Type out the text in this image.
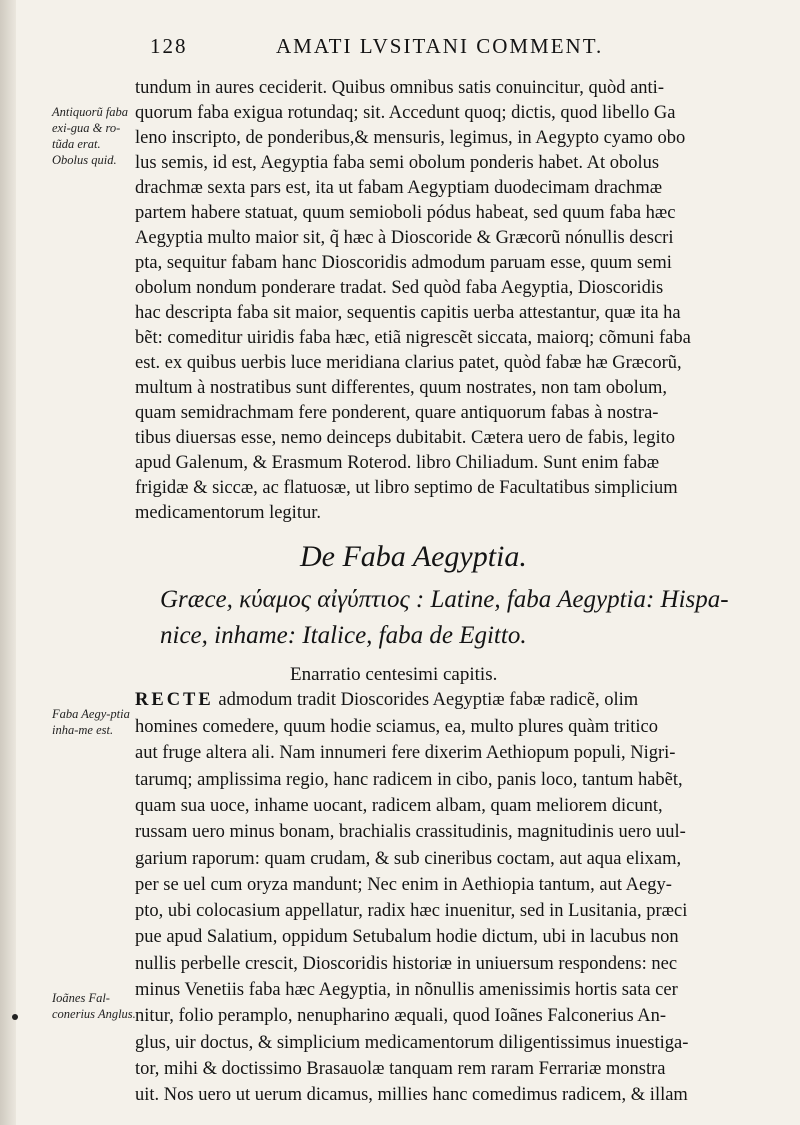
128	AMATI LVSITANI COMMENT.
Antiquorũ faba exi-gua & ro-tũda erat. Obolus quid.
Faba Aegy-ptia inha-me est.
Ioãnes Fal-conerius Anglus.
tundum in aures ceciderit. Quibus omnibus satis conuincitur, quòd anti-
quorum faba exigua rotundaq; sit. Accedunt quoq; dictis, quod libello Ga
leno inscripto, de ponderibus,& mensuris, legimus, in Aegypto cyamo obo
lus semis, id est, Aegyptia faba semi obolum ponderis habet. At obolus
drachmæ sexta pars est, ita ut fabam Aegyptiam duodecimam drachmæ
partem habere statuat, quum semioboli pódus habeat, sed quum faba hæc
Aegyptia multo maior sit, q̃ hæc à Dioscoride & Græcorũ nónullis descri
pta, sequitur fabam hanc Dioscoridis admodum paruam esse, quum semi
obolum nondum ponderare tradat. Sed quòd faba Aegyptia, Dioscoridis
hac descripta faba sit maior, sequentis capitis uerba attestantur, quæ ita ha
bẽt: comeditur uiridis faba hæc, etiã nigrescẽt siccata, maiorq; cõmuni faba
est. ex quibus uerbis luce meridiana clarius patet, quòd fabæ hæ Græcorũ,
multum à nostratibus sunt differentes, quum nostrates, non tam obolum,
quam semidrachmam fere ponderent, quare antiquorum fabas à nostra-
tibus diuersas esse, nemo deinceps dubitabit. Cætera uero de fabis, legito
apud Galenum, & Erasmum Roterod. libro Chiliadum. Sunt enim fabæ
frigidæ & siccæ, ac flatuosæ, ut libro septimo de Facultatibus simplicium
medicamentorum legitur.
De Faba Aegyptia.
Græce, κύαμος αἰγύπτιος : Latine, faba Aegyptia: Hispa-
nice, inhame: Italice, faba de Egitto.
Enarratio centesimi capitis.
RECTE admodum tradit Dioscorides Aegyptiæ fabæ radicẽ, olim
homines comedere, quum hodie sciamus, ea, multo plures quàm tritico
aut fruge altera ali. Nam innumeri fere dixerim Aethiopum populi, Nigri-
tarumq; amplissima regio, hanc radicem in cibo, panis loco, tantum habẽt,
quam sua uoce, inhame uocant, radicem albam, quam meliorem dicunt,
russam uero minus bonam, brachialis crassitudinis, magnitudinis uero uul-
garium raporum: quam crudam, & sub cineribus coctam, aut aqua elixam,
per se uel cum oryza mandunt; Nec enim in Aethiopia tantum, aut Aegy-
pto, ubi colocasium appellatur, radix hæc inuenitur, sed in Lusitania, præci
pue apud Salatium, oppidum Setubalum hodie dictum, ubi in lacubus non
nullis perbelle crescit, Dioscoridis historiæ in uniuersum respondens: nec
minus Venetiis faba hæc Aegyptia, in nõnullis amenissimis hortis sata cer
nitur, folio peramplo, nenupharino æquali, quod Ioãnes Falconerius An-
glus, uir doctus, & simplicium medicamentorum diligentissimus inuestiga-
tor, mihi & doctissimo Brasauolæ tanquam rem raram Ferrariæ monstra
uit. Nos uero ut uerum dicamus, millies hanc comedimus radicem, & illam
